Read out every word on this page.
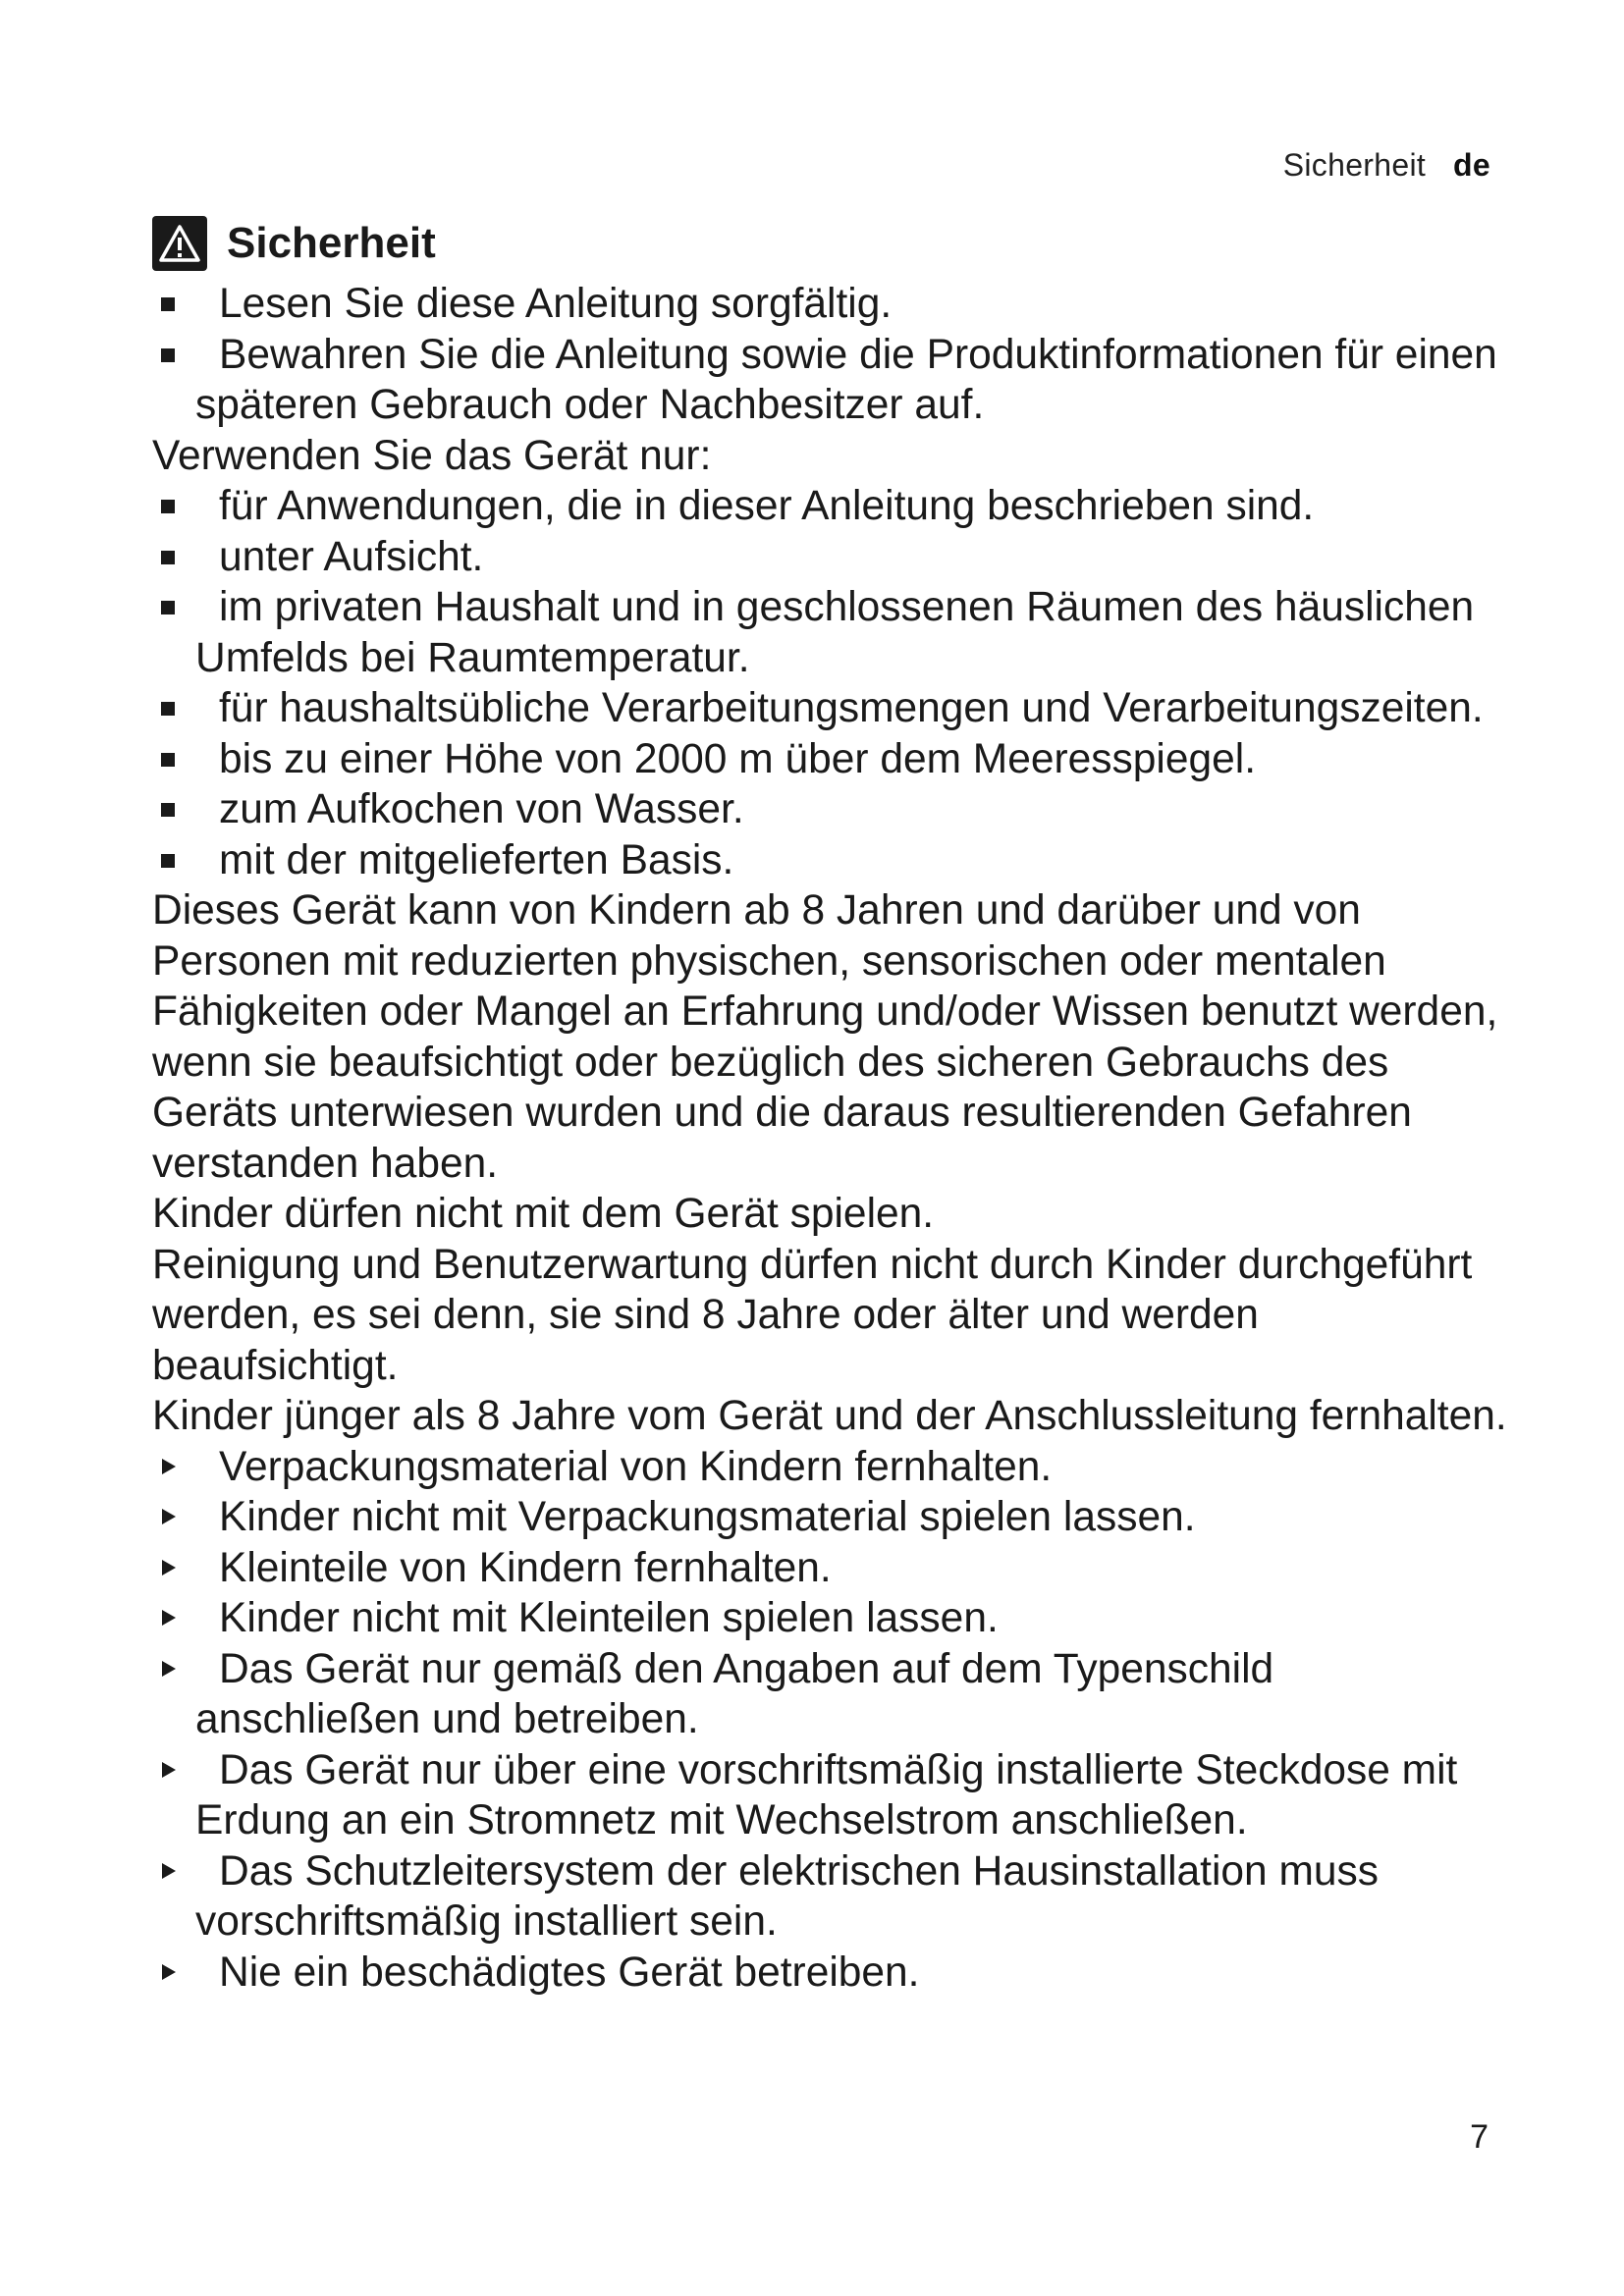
Sicherheit de
Sicherheit
Lesen Sie diese Anleitung sorgfältig.
Bewahren Sie die Anleitung sowie die Produktinformationen für einen späteren Gebrauch oder Nachbesitzer auf.

Verwenden Sie das Gerät nur:

für Anwendungen, die in dieser Anleitung beschrieben sind.
unter Aufsicht.
im privaten Haushalt und in geschlossenen Räumen des häuslichen Umfelds bei Raumtemperatur.
für haushaltsübliche Verarbeitungsmengen und Verarbeitungszeiten.
bis zu einer Höhe von 2000 m über dem Meeresspiegel.
zum Aufkochen von Wasser.
mit der mitgelieferten Basis.

Dieses Gerät kann von Kindern ab 8 Jahren und darüber und von Personen mit reduzierten physischen, sensorischen oder mentalen Fähigkeiten oder Mangel an Erfahrung und/oder Wissen benutzt werden, wenn sie beaufsichtigt oder bezüglich des sicheren Gebrauchs des Geräts unterwiesen wurden und die daraus resultierenden Gefahren verstanden haben.

Kinder dürfen nicht mit dem Gerät spielen.

Reinigung und Benutzerwartung dürfen nicht durch Kinder durchgeführt werden, es sei denn, sie sind 8 Jahre oder älter und werden beaufsichtigt.

Kinder jünger als 8 Jahre vom Gerät und der Anschlussleitung fernhalten.

Verpackungsmaterial von Kindern fernhalten.
Kinder nicht mit Verpackungsmaterial spielen lassen.
Kleinteile von Kindern fernhalten.
Kinder nicht mit Kleinteilen spielen lassen.
Das Gerät nur gemäß den Angaben auf dem Typenschild anschließen und betreiben.
Das Gerät nur über eine vorschriftsmäßig installierte Steckdose mit Erdung an ein Stromnetz mit Wechselstrom anschließen.
Das Schutzleitersystem der elektrischen Hausinstallation muss vorschriftsmäßig installiert sein.
Nie ein beschädigtes Gerät betreiben.
7
